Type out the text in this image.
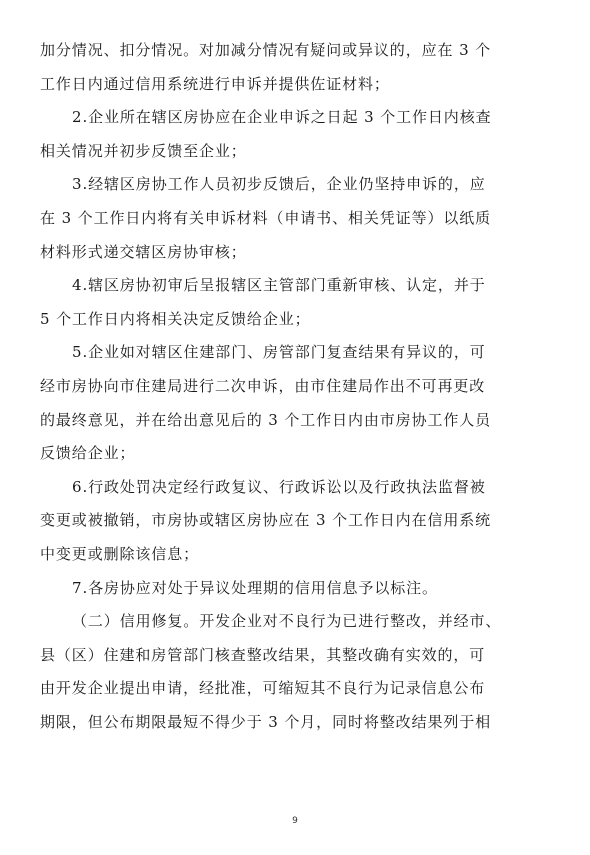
加分情况、扣分情况。对加减分情况有疑问或异议的，应在 3 个
工作日内通过信用系统进行申诉并提供佐证材料；
2.企业所在辖区房协应在企业申诉之日起 3 个工作日内核查
相关情况并初步反馈至企业；
3.经辖区房协工作人员初步反馈后，企业仍坚持申诉的，应
在 3 个工作日内将有关申诉材料（申请书、相关凭证等）以纸质
材料形式递交辖区房协审核；
4.辖区房协初审后呈报辖区主管部门重新审核、认定，并于
5 个工作日内将相关决定反馈给企业；
5.企业如对辖区住建部门、房管部门复查结果有异议的，可
经市房协向市住建局进行二次申诉，由市住建局作出不可再更改
的最终意见，并在给出意见后的 3 个工作日内由市房协工作人员
反馈给企业；
6.行政处罚决定经行政复议、行政诉讼以及行政执法监督被
变更或被撤销，市房协或辖区房协应在 3 个工作日内在信用系统
中变更或删除该信息；
7.各房协应对处于异议处理期的信用信息予以标注。
（二）信用修复。开发企业对不良行为已进行整改，并经市、
县（区）住建和房管部门核查整改结果，其整改确有实效的，可
由开发企业提出申请，经批准，可缩短其不良行为记录信息公布
期限，但公布期限最短不得少于 3 个月，同时将整改结果列于相
9
